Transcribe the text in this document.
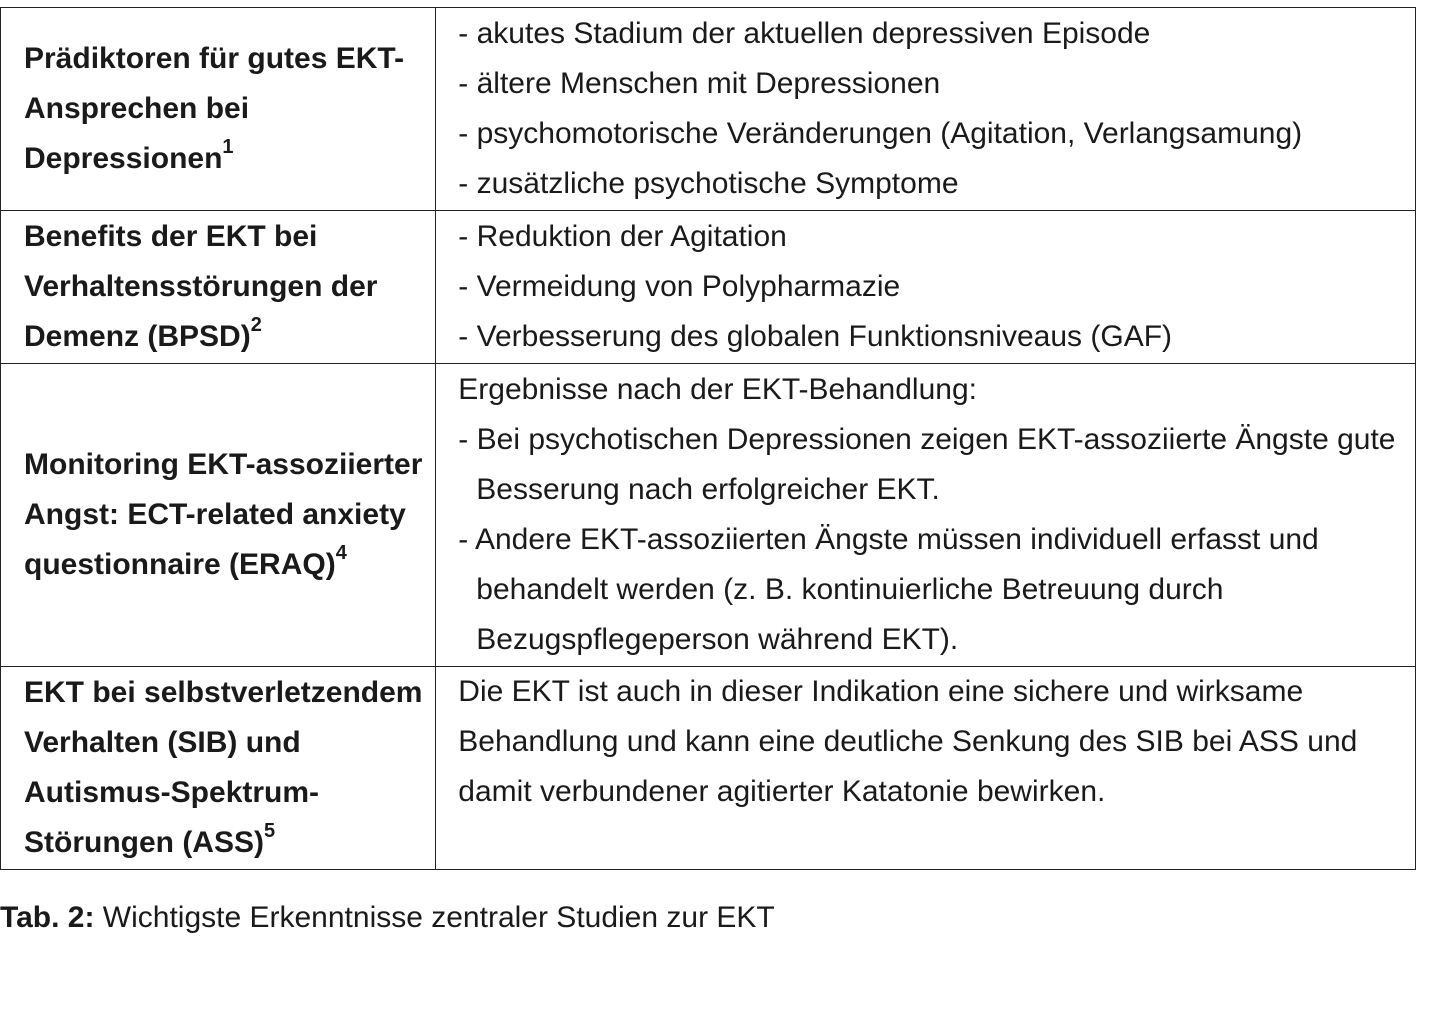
Prädiktoren für gutes EKT-Ansprechen bei Depressionen$^1$	- akutes Stadium der aktuellen depressiven Episode
- ältere Menschen mit Depressionen
- psychomotorische Veränderungen (Agitation, Verlangsamung)
- zusätzliche psychotische Symptome

Benefits der EKT bei Verhaltensstörungen der Demenz (BPSD)$^2$	- Reduktion der Agitation
- Vermeidung von Polypharmazie
- Verbesserung des globalen Funktionsniveaus (GAF)

Monitoring EKT-assoziierter Angst: ECT-related anxiety questionnaire (ERAQ)$^4$	Ergebnisse nach der EKT-Behandlung:
- Bei psychotischen Depressionen zeigen EKT-assoziierte Ängste gute Besserung nach erfolgreicher EKT.
- Andere EKT-assoziierten Ängste müssen individuell erfasst und behandelt werden (z. B. kontinuierliche Betreuung durch Bezugspflegeperson während EKT).

EKT bei selbstverletzendem Verhalten (SIB) und Autismus-Spektrum-Störungen (ASS)$^5$	Die EKT ist auch in dieser Indikation eine sichere und wirksame Behandlung und kann eine deutliche Senkung des SIB bei ASS und damit verbundener agitierter Katatonie bewirken.
Tab. 2: Wichtigste Erkenntnisse zentraler Studien zur EKT
